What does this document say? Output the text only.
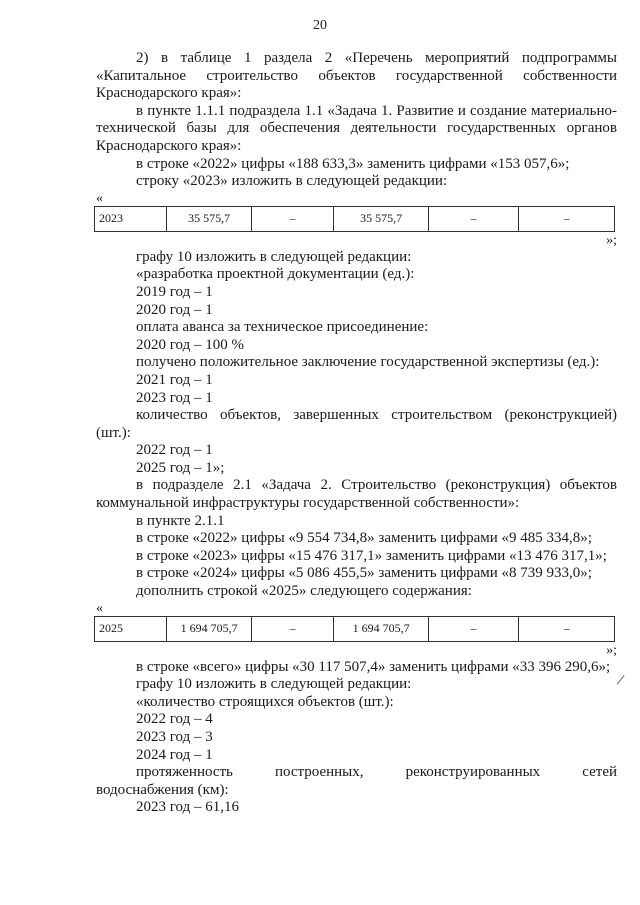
20

2) в таблице 1 раздела 2 «Перечень мероприятий подпрограммы

«Капитальное строительство объектов государственной собственности

Краснодарского края»:

в пункте 1.1.1 подраздела 1.1 «Задача 1. Развитие и создание материально-

технической базы для обеспечения деятельности государственных органов

Краснодарского края»:

в строке «2022» цифры «188 633,3» заменить цифрами «153 057,6»;

строку «2023» изложить в следующей редакции:

«

2023	35 575,7	–	35 575,7	–	–

»;

графу 10 изложить в следующей редакции:

«разработка проектной документации (ед.):

2019 год – 1

2020 год – 1

оплата аванса за техническое присоединение:

2020 год – 100 %

получено положительное заключение государственной экспертизы (ед.):

2021 год – 1

2023 год – 1

количество объектов, завершенных строительством (реконструкцией)

(шт.):

2022 год – 1

2025 год – 1»;

в подразделе 2.1 «Задача 2. Строительство (реконструкция) объектов

коммунальной инфраструктуры государственной собственности»:

в пункте 2.1.1

в строке «2022» цифры «9 554 734,8» заменить цифрами «9 485 334,8»;

в строке «2023» цифры «15 476 317,1» заменить цифрами «13 476 317,1»;

в строке «2024» цифры «5 086 455,5» заменить цифрами «8 739 933,0»;

дополнить строкой «2025» следующего содержания:

«

2025	1 694 705,7	–	1 694 705,7	–	–

»;

в строке «всего» цифры «30 117 507,4» заменить цифрами «33 396 290,6»;

графу 10 изложить в следующей редакции:

«количество строящихся объектов (шт.):

2022 год – 4

2023 год – 3

2024 год – 1

протяженность построенных, реконструированных сетей

водоснабжения (км):

2023 год – 61,16

/
